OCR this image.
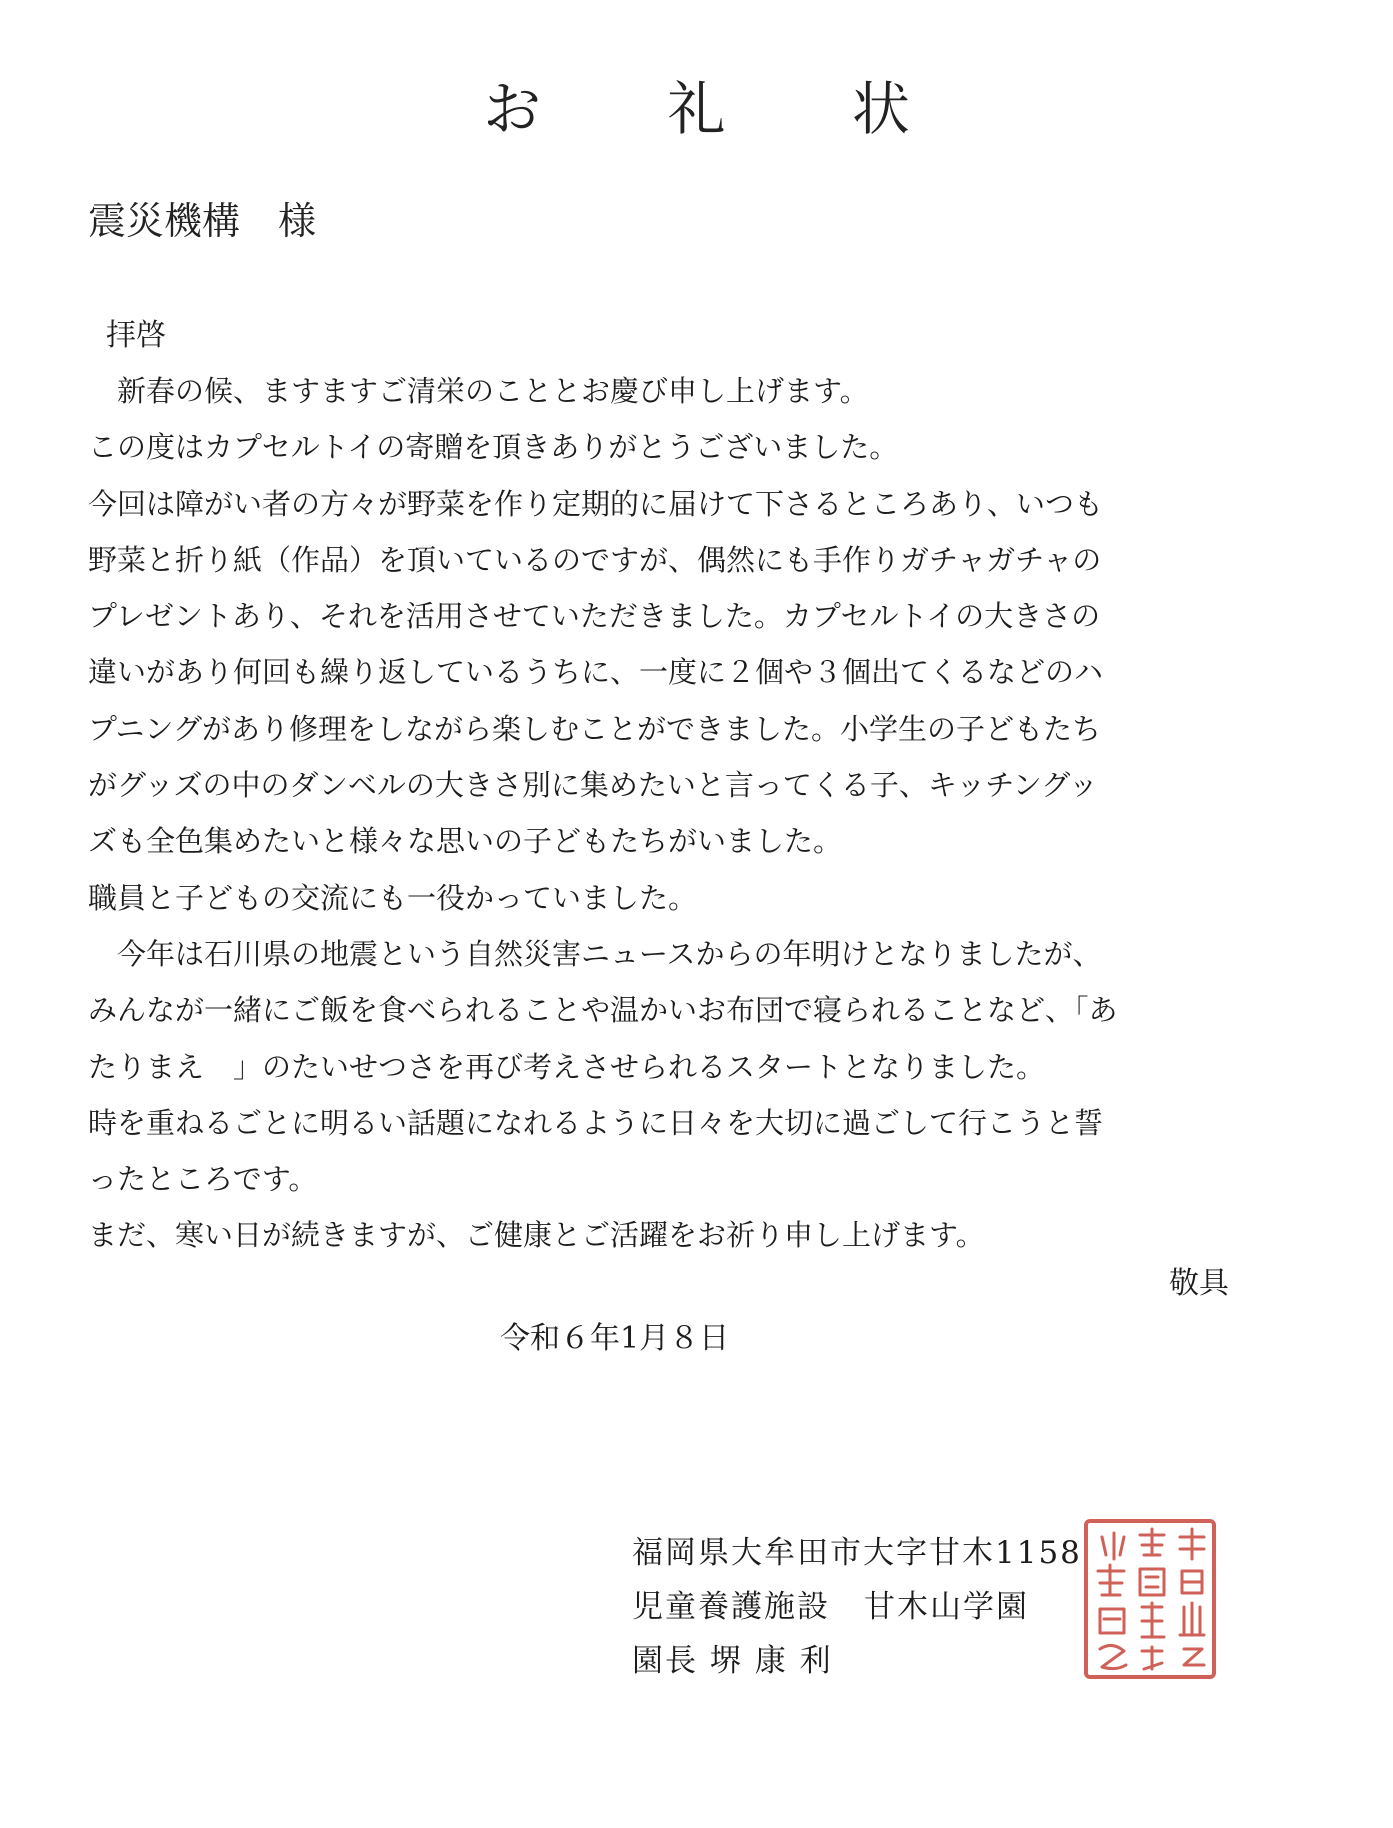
お 礼 状
震災機構 様
拝啓
　新春の候、ますますご清栄のこととお慶び申し上げます。
この度はカプセルトイの寄贈を頂きありがとうございました。
今回は障がい者の方々が野菜を作り定期的に届けて下さるところあり、いつも
野菜と折り紙（作品）を頂いているのですが、偶然にも手作りガチャガチャの
プレゼントあり、それを活用させていただきました。カプセルトイの大きさの
違いがあり何回も繰り返しているうちに、一度に２個や３個出てくるなどのハ
プニングがあり修理をしながら楽しむことができました。小学生の子どもたち
がグッズの中のダンベルの大きさ別に集めたいと言ってくる子、キッチングッ
ズも全色集めたいと様々な思いの子どもたちがいました。
職員と子どもの交流にも一役かっていました。
　今年は石川県の地震という自然災害ニュースからの年明けとなりましたが、
みんなが一緒にご飯を食べられることや温かいお布団で寝られることなど、「あ
たりまえ　」のたいせつさを再び考えさせられるスタートとなりました。
時を重ねるごとに明るい話題になれるように日々を大切に過ごして行こうと誓
ったところです。
まだ、寒い日が続きますが、ご健康とご活躍をお祈り申し上げます。
敬具
令和６年1月８日
福岡県大牟田市大字甘木1158
児童養護施設 甘木山学園
園長 堺 康 利
